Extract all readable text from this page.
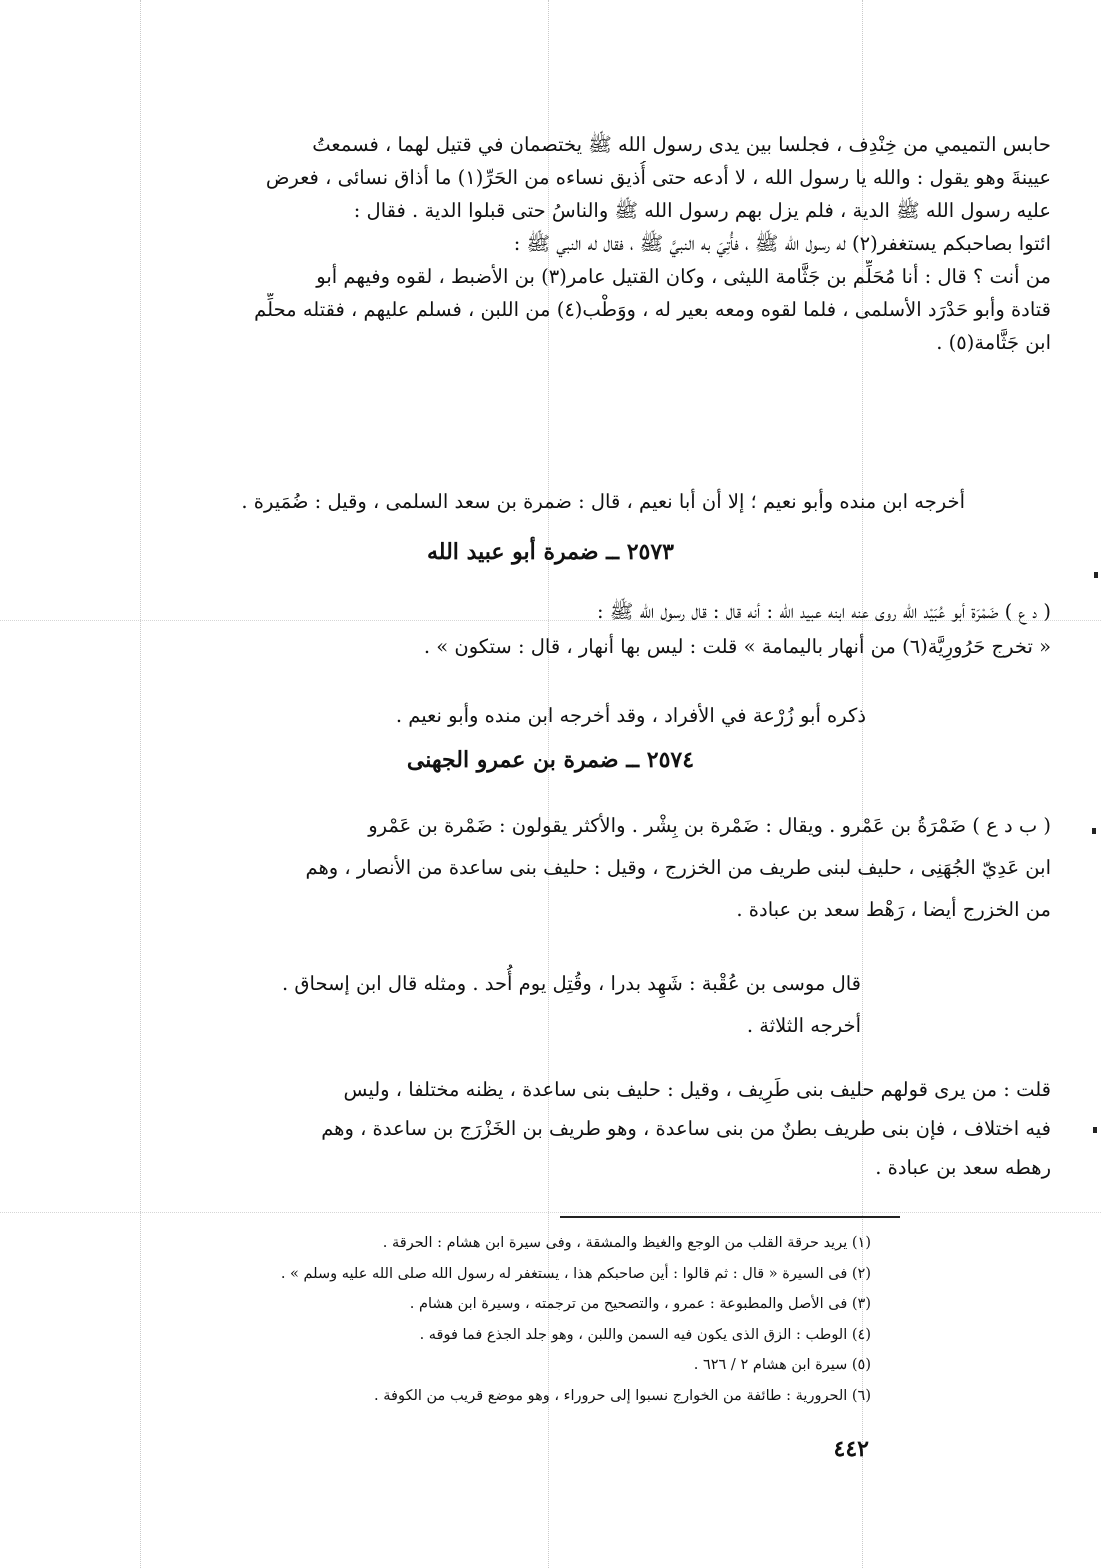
حابس التميمي من خِنْدِف ، فجلسا بين يدى رسول الله ﷺ يختصمان في قتيل لهما ، فسمعتُ
عيينةَ وهو يقول : والله يا رسول الله ، لا أدعه حتى أُذيق نساءه من الحَرِّ(١) ما أذاق نسائى ، فعرض
عليه رسول الله ﷺ الدية ، فلم يزل بهم رسول الله ﷺ والناسُ حتى قبلوا الدية . فقال :
ائتوا بصاحبكم يستغفر(٢) له رسول الله ﷺ ، فأُتِيَ به النبيَّ ﷺ ، فقال له النبي ﷺ :
من أنت ؟ قال : أنا مُحَلِّم بن جَثَّامة الليثى ، وكان القتيل عامر(٣) بن الأضبط ، لقوه وفيهم أبو
قتادة وأبو حَدْرَد الأسلمى ، فلما لقوه ومعه بعير له ، ووَطْب(٤) من اللبن ، فسلم عليهم ، فقتله محلِّم
ابن جَثَّامة(٥) .
أخرجه ابن منده وأبو نعيم ؛ إلا أن أبا نعيم ، قال : ضمرة بن سعد السلمى ، وقيل : ضُمَيرة .
٢٥٧٣ ــ ضمرة أبو عبيد الله
( د ع ) ضَمْرَة أبو عُبَيْد الله روى عنه ابنه عبيد الله : أنه قال : قال رسول الله ﷺ :
« تخرج حَرُورِيَّة(٦) من أنهار باليمامة » قلت : ليس بها أنهار ، قال : ستكون » .
ذكره أبو زُرْعة في الأفراد ، وقد أخرجه ابن منده وأبو نعيم .
٢٥٧٤ ــ ضمرة بن عمرو الجهنى
( ب د ع ) ضَمْرَةُ بن عَمْرو . ويقال : ضَمْرة بن بِشْر . والأكثر يقولون : ضَمْرة بن عَمْرو
ابن عَدِيّ الجُهَنِى ، حليف لبنى طريف من الخزرج ، وقيل : حليف بنى ساعدة من الأنصار ، وهم
من الخزرج أيضا ، رَهْط سعد بن عبادة .
قال موسى بن عُقْبة : شَهِد بدرا ، وقُتِل يوم أُحد . ومثله قال ابن إسحاق .
أخرجه الثلاثة .
قلت : من يرى قولهم حليف بنى طَرِيف ، وقيل : حليف بنى ساعدة ، يظنه مختلفا ، وليس
فيه اختلاف ، فإن بنى طريف بطنٌ من بنى ساعدة ، وهو طريف بن الخَزْرَج بن ساعدة ، وهم
رهطه سعد بن عبادة .
(١) يريد حرقة القلب من الوجع والغيظ والمشقة ، وفى سيرة ابن هشام : الحرقة .
(٢) فى السيرة « قال : ثم قالوا : أين صاحبكم هذا ، يستغفر له رسول الله صلى الله عليه وسلم » .
(٣) فى الأصل والمطبوعة : عمرو ، والتصحيح من ترجمته ، وسيرة ابن هشام .
(٤) الوطب : الزق الذى يكون فيه السمن واللبن ، وهو جلد الجذع فما فوقه .
(٥) سيرة ابن هشام ٢ / ٦٢٦ .
(٦) الحرورية : طائفة من الخوارج نسبوا إلى حروراء ، وهو موضع قريب من الكوفة .
٤٤٢
